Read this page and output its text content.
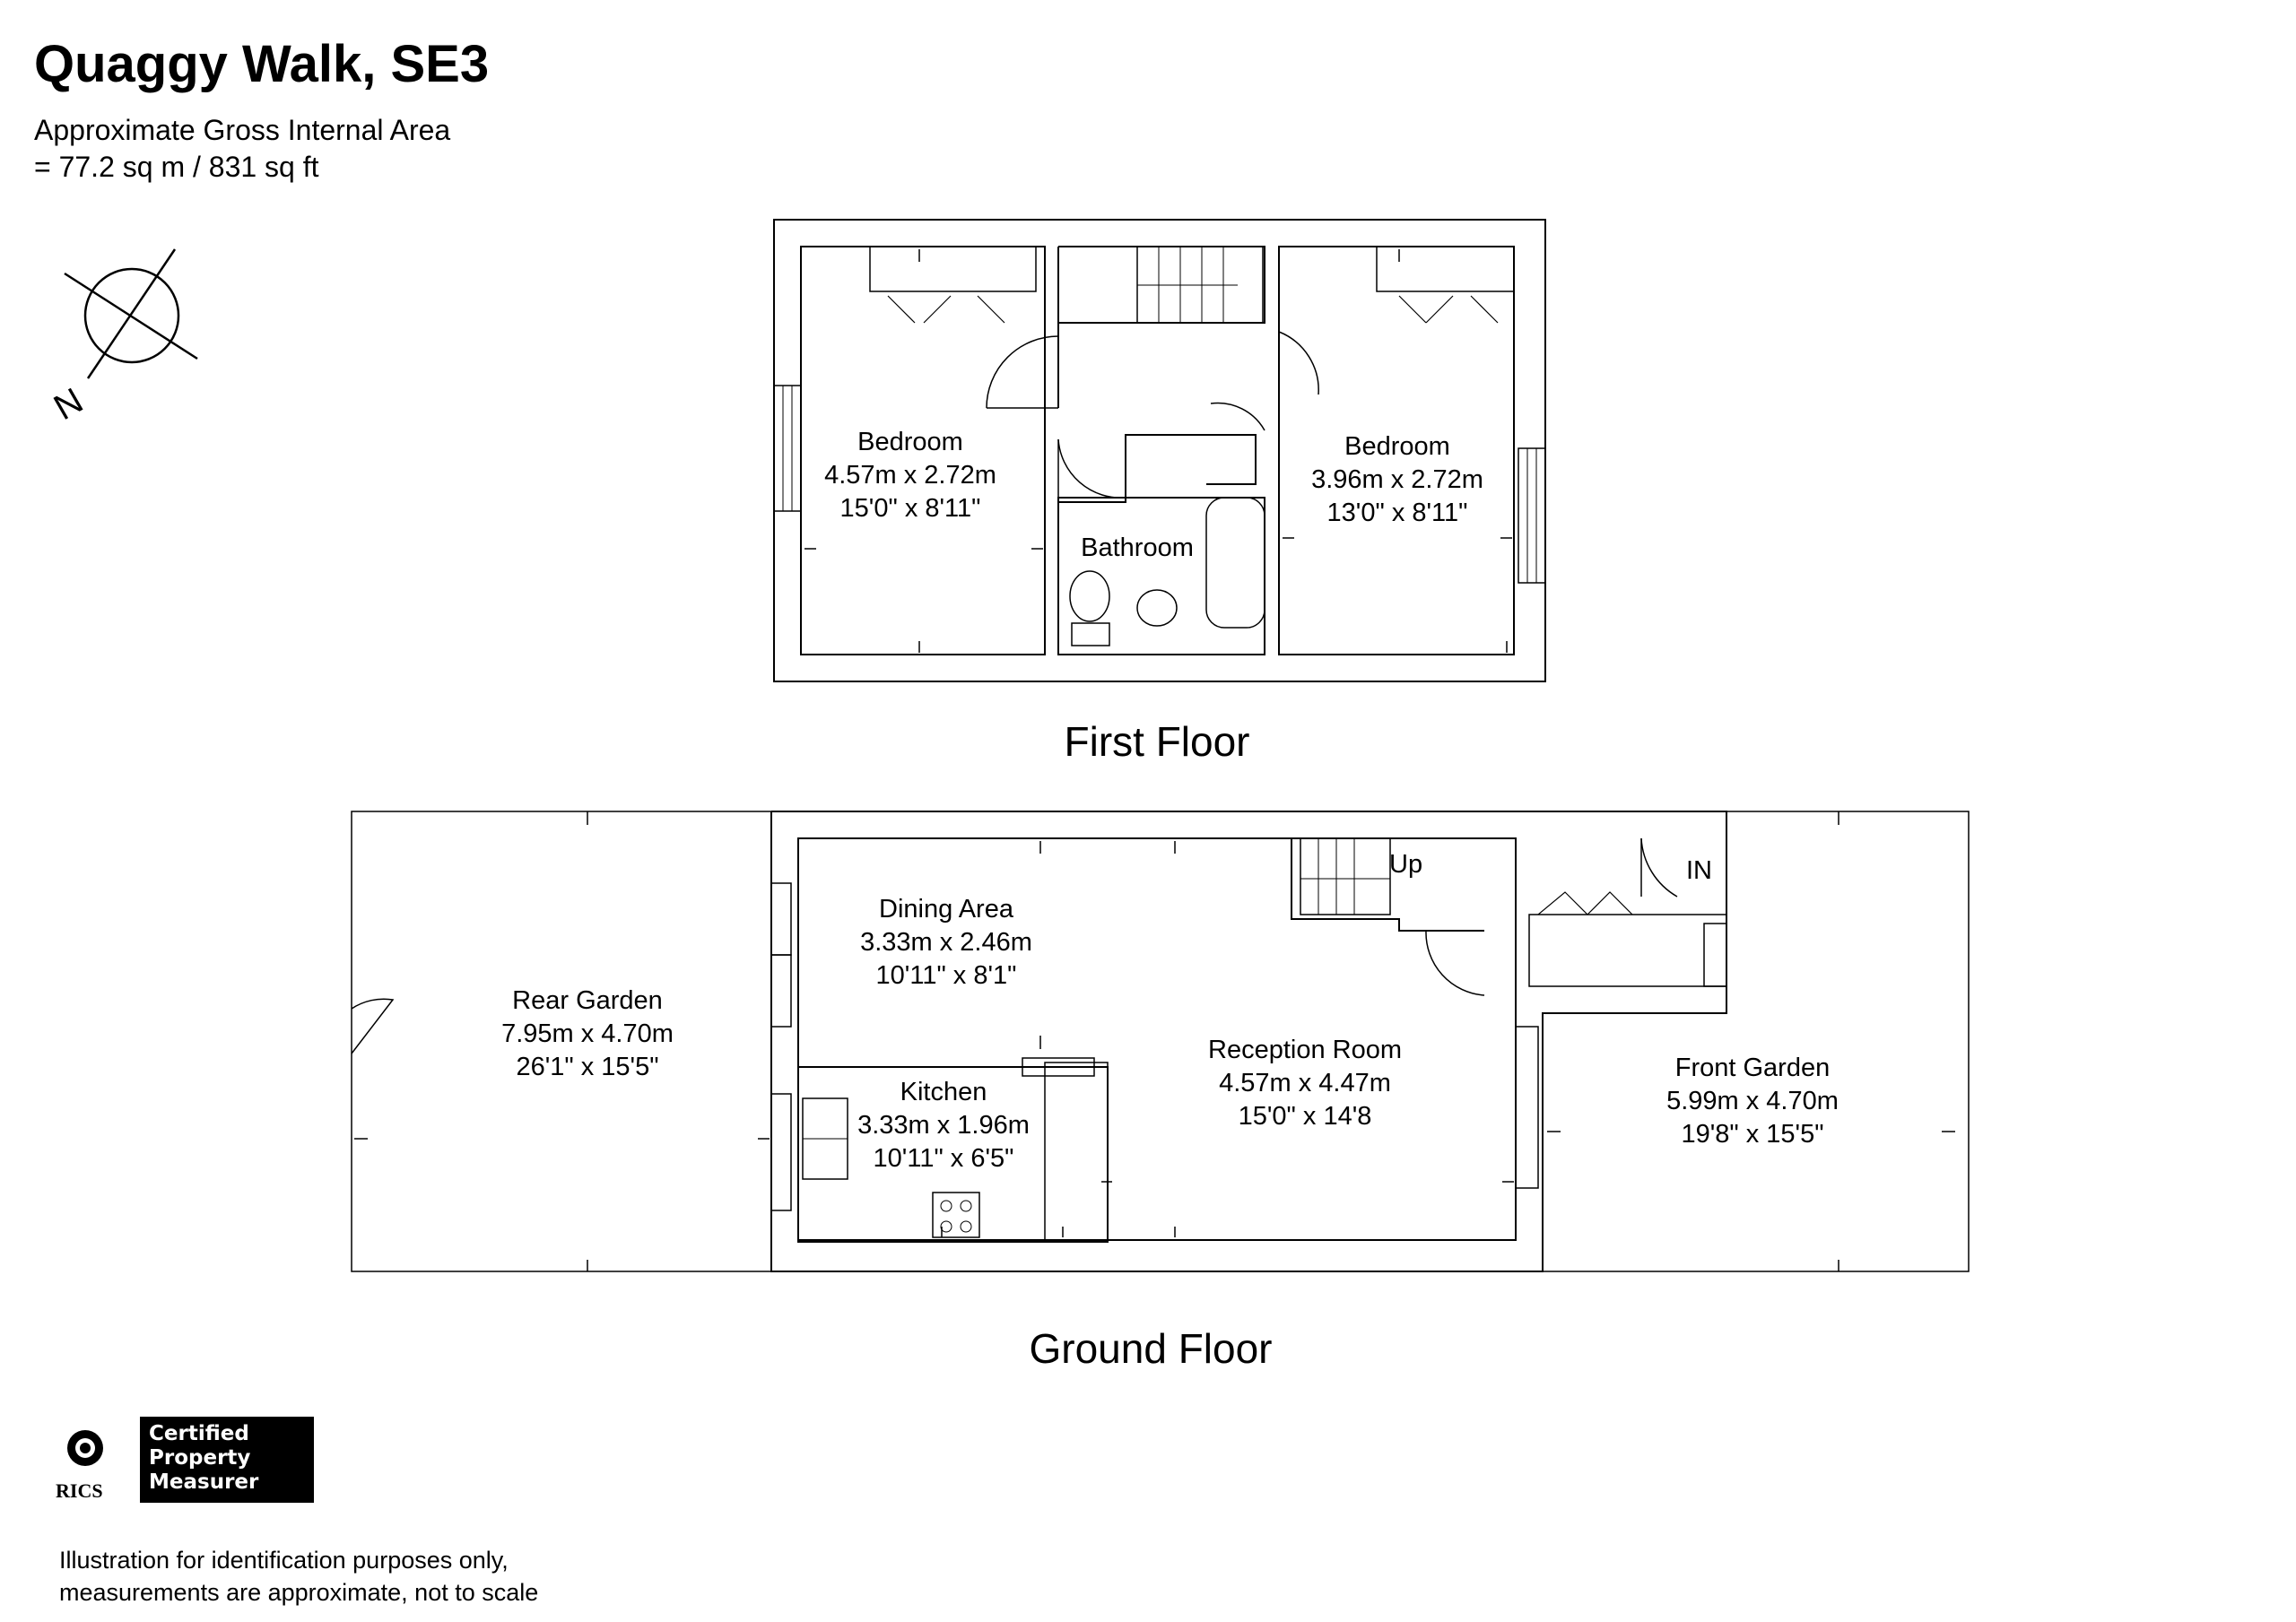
Quaggy Walk, SE3
Approximate Gross Internal Area
= 77.2 sq m / 831 sq ft
N
Bedroom
4.57m x 2.72m
15'0" x 8'11"
Bathroom
Bedroom
3.96m x 2.72m
13'0" x 8'11"
First Floor
Rear Garden
7.95m x 4.70m
26'1" x 15'5"
Dining Area
3.33m x 2.46m
10'11" x 8'1"
Kitchen
3.33m x 1.96m
10'11" x 6'5"
Reception Room
4.57m x 4.47m
15'0" x 14'8
Front Garden
5.99m x 4.70m
19'8" x 15'5"
Up	IN
Ground Floor
RICS
Certified
Property
Measurer
Illustration for identification purposes only,
measurements are approximate, not to scale
